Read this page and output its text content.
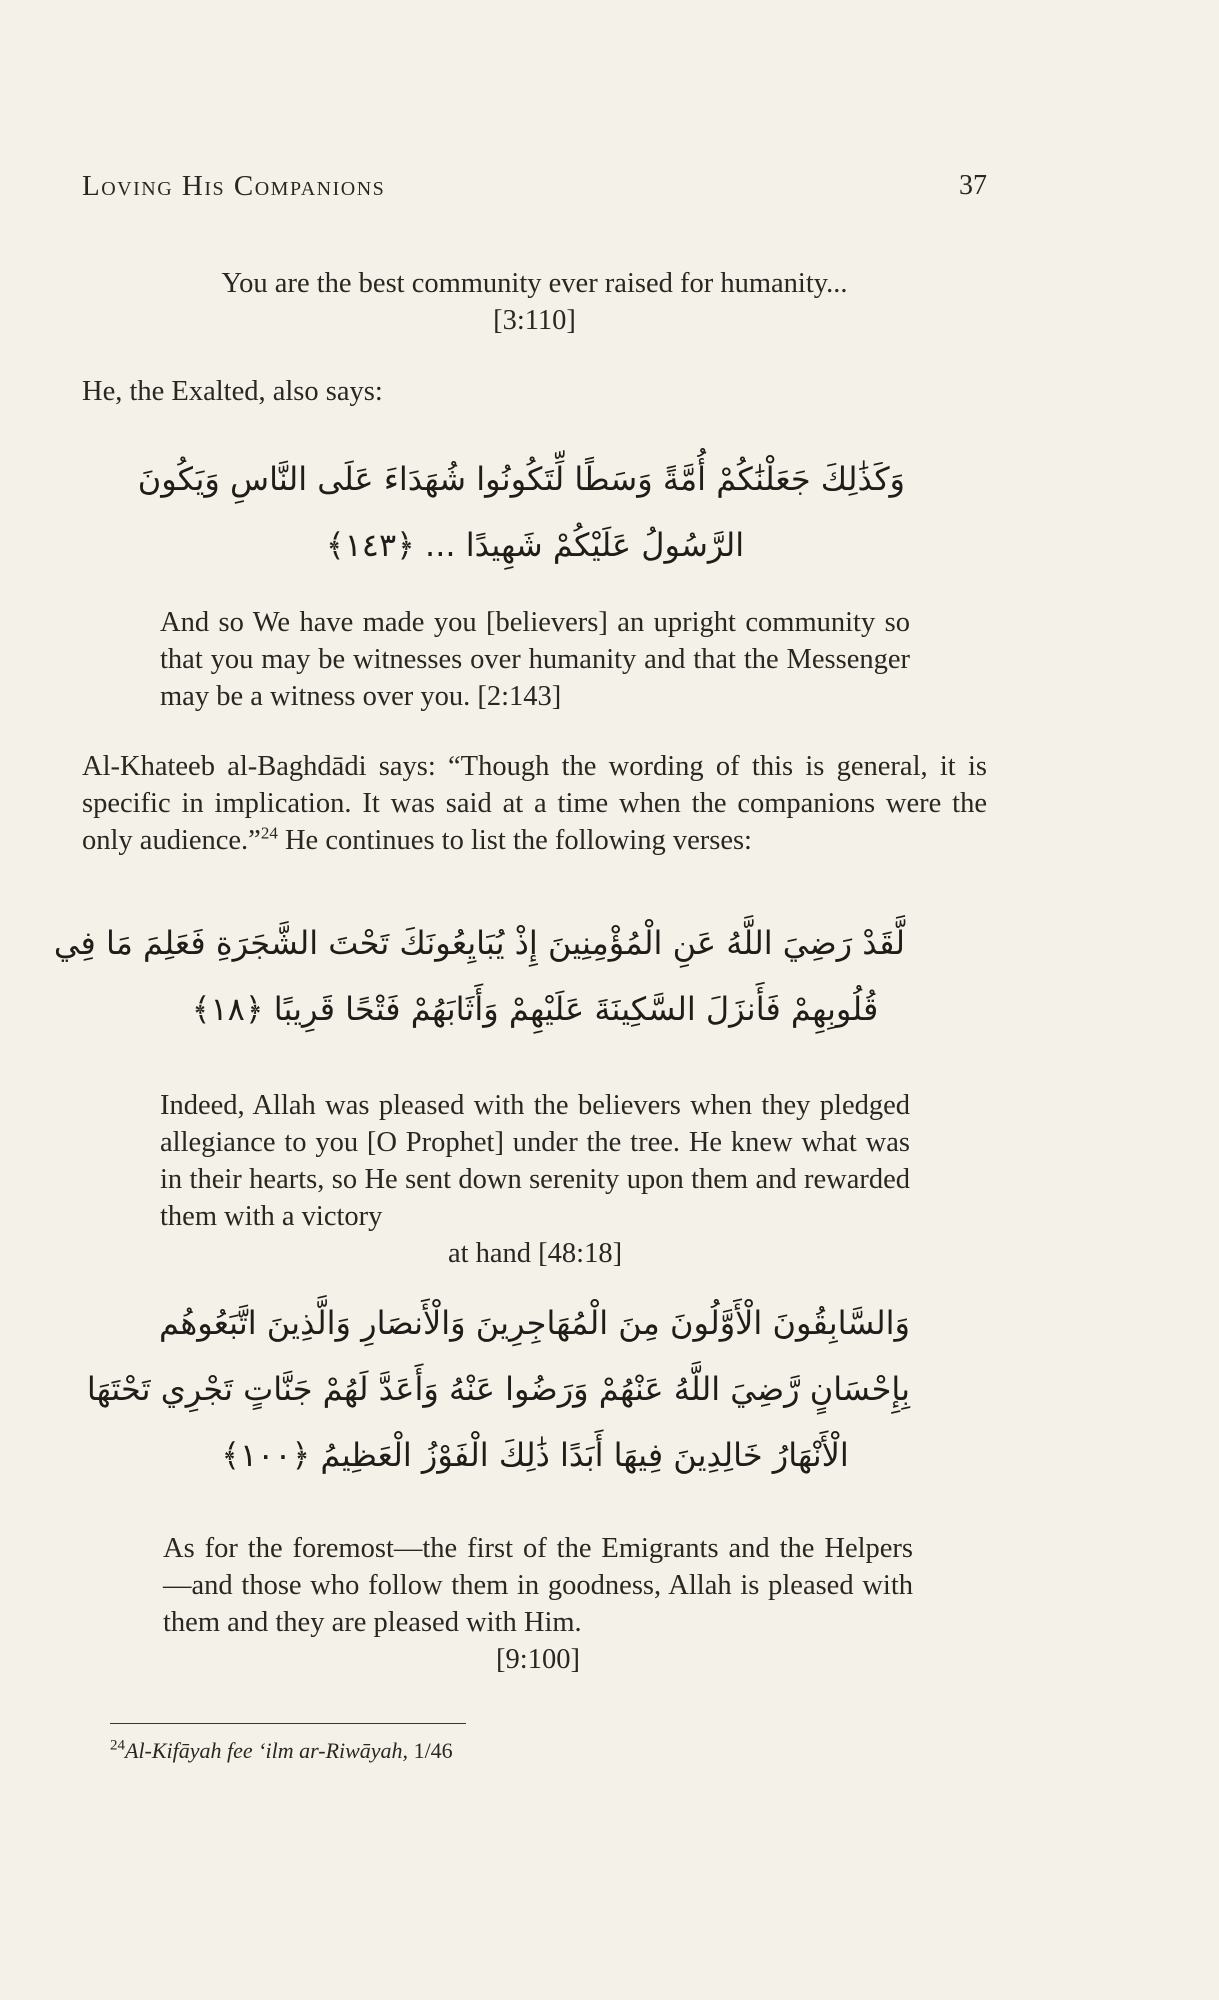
Loving His Companions	37

You are the best community ever raised for humanity...

[3:110]

He, the Exalted, also says:

وَكَذَٰلِكَ جَعَلْنَٰكُمْ أُمَّةً وَسَطًا لِّتَكُونُوا شُهَدَاءَ عَلَى النَّاسِ وَيَكُونَ
الرَّسُولُ عَلَيْكُمْ شَهِيدًا ... ﴿١٤٣﴾

And so We have made you [believers] an upright community so that you may be witnesses over humanity and that the Messenger may be a witness over you. [2:143]

Al-Khateeb al-Baghdādi says: “Though the wording of this is general, it is specific in implication. It was said at a time when the companions were the only audience.”$^{24}$ He continues to list the following verses:

لَّقَدْ رَضِيَ اللَّهُ عَنِ الْمُؤْمِنِينَ إِذْ يُبَايِعُونَكَ تَحْتَ الشَّجَرَةِ فَعَلِمَ مَا فِي
قُلُوبِهِمْ فَأَنزَلَ السَّكِينَةَ عَلَيْهِمْ وَأَثَابَهُمْ فَتْحًا قَرِيبًا ﴿١٨﴾

Indeed, Allah was pleased with the believers when they pledged allegiance to you [O Prophet] under the tree. He knew what was in their hearts, so He sent down serenity upon them and rewarded them with a victory

at hand [48:18]

وَالسَّابِقُونَ الْأَوَّلُونَ مِنَ الْمُهَاجِرِينَ وَالْأَنصَارِ وَالَّذِينَ اتَّبَعُوهُم
بِإِحْسَانٍ رَّضِيَ اللَّهُ عَنْهُمْ وَرَضُوا عَنْهُ وَأَعَدَّ لَهُمْ جَنَّاتٍ تَجْرِي تَحْتَهَا
الْأَنْهَارُ خَالِدِينَ فِيهَا أَبَدًا ذَٰلِكَ الْفَوْزُ الْعَظِيمُ ﴿١٠٠﴾

As for the foremost—the first of the Emigrants and the Helpers—and those who follow them in goodness, Allah is pleased with them and they are pleased with Him.

[9:100]

$^{24}$Al-Kifāyah fee ‘ilm ar-Riwāyah, 1/46
